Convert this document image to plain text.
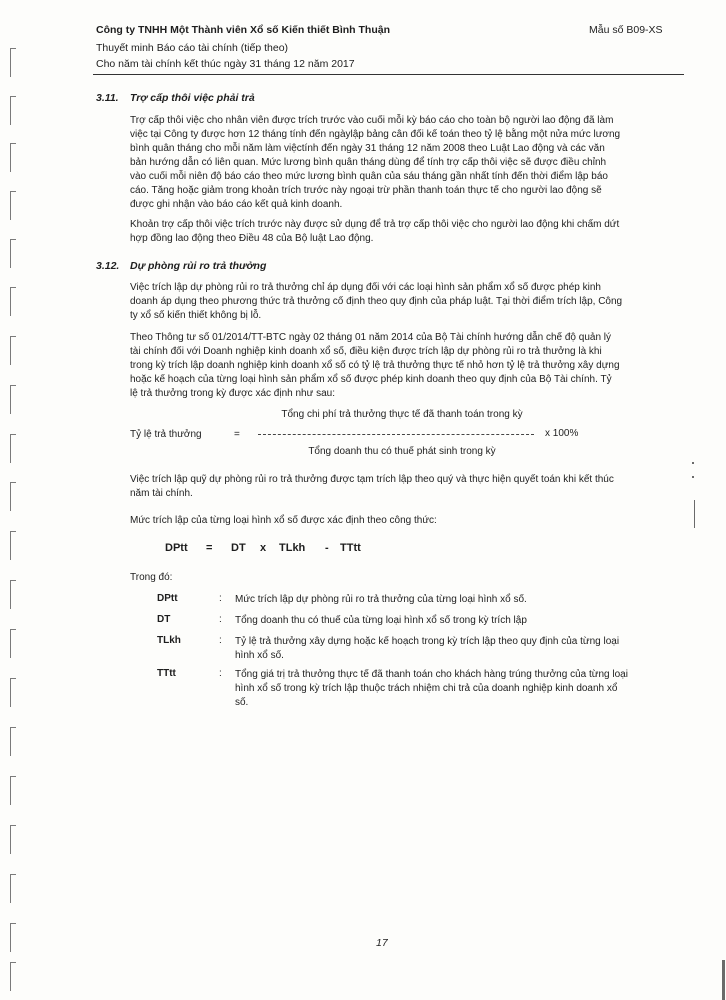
Công ty TNHH Một Thành viên Xổ số Kiến thiết Bình Thuận	Mẫu số B09-XS
Thuyết minh Báo cáo tài chính (tiếp theo)
Cho năm tài chính kết thúc ngày 31 tháng 12 năm 2017
3.11. Trợ cấp thôi việc phải trả
Trợ cấp thôi việc cho nhân viên được trích trước vào cuối mỗi kỳ báo cáo cho toàn bộ người lao động đã làm
việc tại Công ty được hơn 12 tháng tính đến ngàylập bảng cân đối kế toán theo tỷ lệ bằng một nửa mức lương
bình quân tháng cho mỗi năm làm việctính đến ngày 31 tháng 12 năm 2008 theo Luật Lao động và các văn
bản hướng dẫn có liên quan. Mức lương bình quân tháng dùng để tính trợ cấp thôi việc sẽ được điều chỉnh
vào cuối mỗi niên độ báo cáo theo mức lương bình quân của sáu tháng gần nhất tính đến thời điểm lập báo
cáo. Tăng hoặc giảm trong khoản trích trước này ngoại trừ phần thanh toán thực tế cho người lao động sẽ
được ghi nhận vào báo cáo kết quả kinh doanh.
Khoản trợ cấp thôi việc trích trước này được sử dụng để trả trợ cấp thôi việc cho người lao động khi chấm dứt
hợp đồng lao động theo Điều 48 của Bộ luật Lao động.
3.12. Dự phòng rủi ro trả thưởng
Việc trích lập dự phòng rủi ro trả thưởng chỉ áp dụng đối với các loại hình sản phẩm xổ số được phép kinh
doanh áp dụng theo phương thức trả thưởng cố định theo quy định của pháp luật. Tại thời điểm trích lập, Công
ty xổ số kiến thiết không bị lỗ.
Theo Thông tư số 01/2014/TT-BTC ngày 02 tháng 01 năm 2014 của Bộ Tài chính hướng dẫn chế độ quản lý
tài chính đối với Doanh nghiệp kinh doanh xổ số, điều kiện được trích lập dự phòng rủi ro trả thưởng là khi
trong kỳ trích lập doanh nghiệp kinh doanh xổ số có tỷ lệ trả thưởng thực tế nhỏ hơn tỷ lệ trả thưởng xây dựng
hoặc kế hoạch của từng loại hình sản phẩm xổ số được phép kinh doanh theo quy định của Bộ Tài chính. Tỷ
lệ trả thưởng trong kỳ được xác định như sau:
Tỷ lệ trả thưởng	=
Tổng chi phí trả thưởng thực tế đã thanh toán trong kỳ
x 100%
Tổng doanh thu có thuế phát sinh trong kỳ
Việc trích lập quỹ dự phòng rủi ro trả thưởng được tạm trích lập theo quý và thực hiện quyết toán khi kết thúc
năm tài chính.
Mức trích lập của từng loại hình xổ số được xác định theo công thức:
DPtt = DT x TLkh - TTtt
Trong đó:
DPtt	: Mức trích lập dự phòng rủi ro trả thưởng của từng loại hình xổ số.
DT	: Tổng doanh thu có thuế của từng loại hình xổ số trong kỳ trích lập
TLkh	: Tỷ lệ trả thưởng xây dựng hoặc kế hoạch trong kỳ trích lập theo quy định của từng loại
hình xổ số.
TTtt	: Tổng giá trị trả thưởng thực tế đã thanh toán cho khách hàng trúng thưởng của từng loại
hình xổ số trong kỳ trích lập thuộc trách nhiệm chi trả của doanh nghiệp kinh doanh xổ
số.
17
